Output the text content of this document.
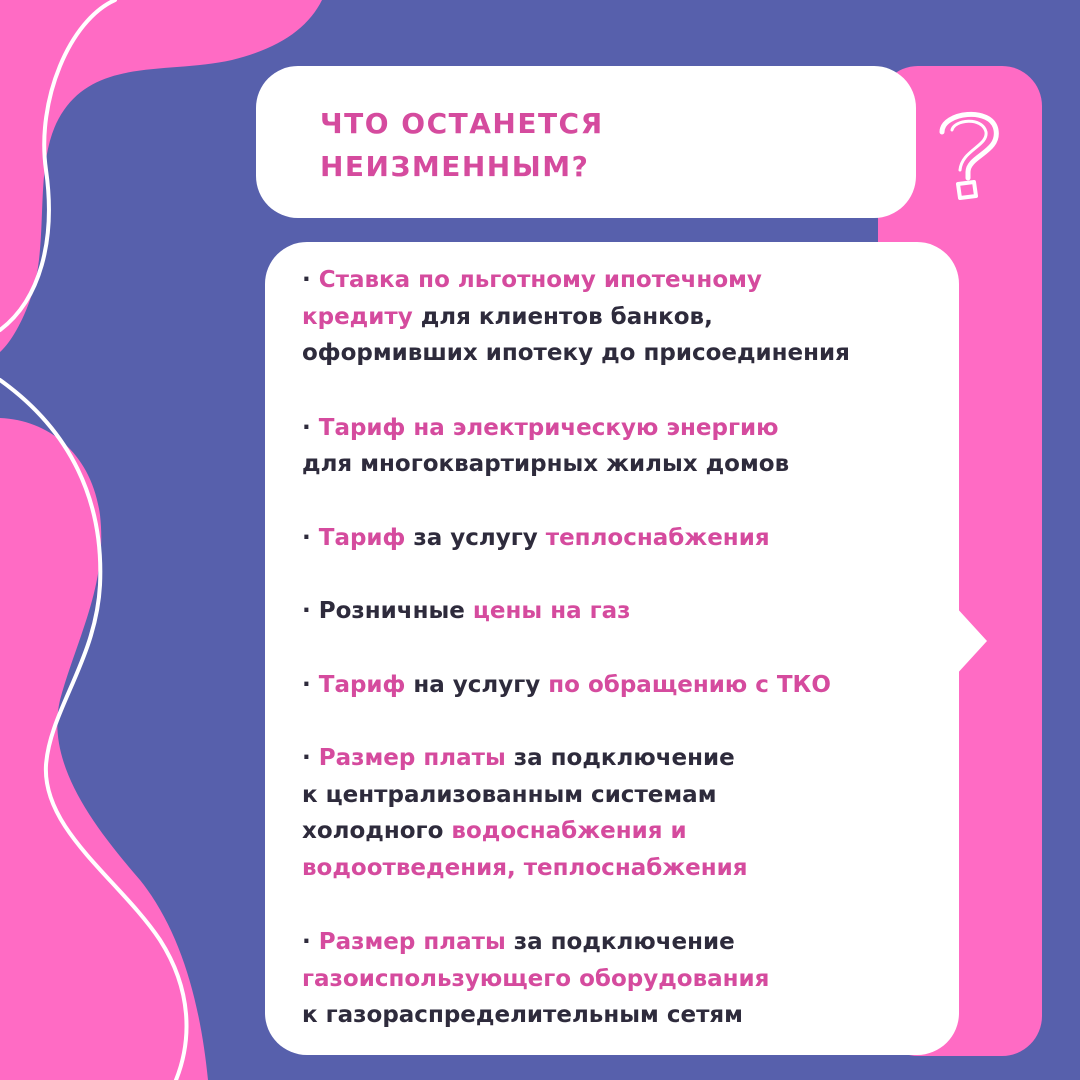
ЧТО ОСТАНЕТСЯ
НЕИЗМЕННЫМ?

· Ставка по льготному ипотечному
кредиту для клиентов банков,
оформивших ипотеку до присоединения

· Тариф на электрическую энергию
для многоквартирных жилых домов

· Тариф за услугу теплоснабжения

· Розничные цены на газ

· Тариф на услугу по обращению с ТКО

· Размер платы за подключение
к централизованным системам
холодного водоснабжения и
водоотведения, теплоснабжения

· Размер платы за подключение
газоиспользующего оборудования
к газораспределительным сетям
